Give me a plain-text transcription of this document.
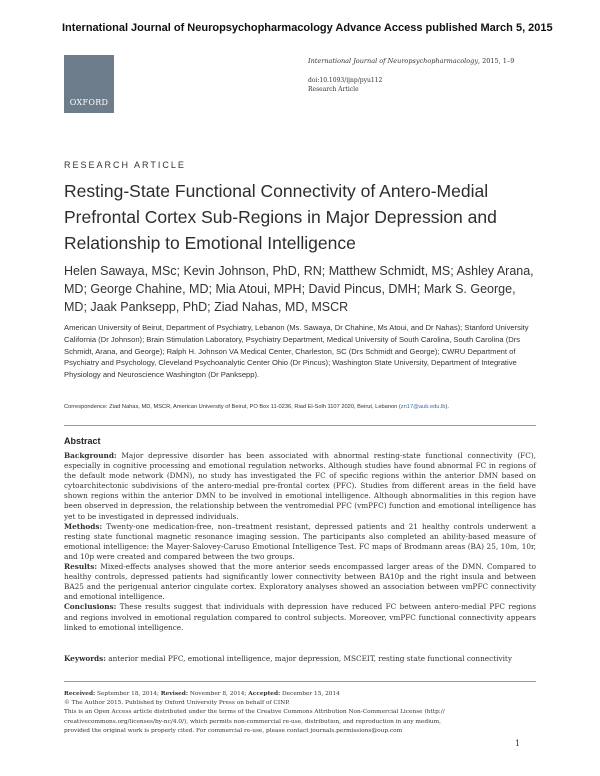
International Journal of Neuropsychopharmacology Advance Access published March 5, 2015
OXFORD
International Journal of Neuropsychopharmacology, 2015, 1–9
doi:10.1093/ijnp/pyu112
Research Article
RESEARCH ARTICLE
Resting-State Functional Connectivity of Antero-Medial Prefrontal Cortex Sub-Regions in Major Depression and Relationship to Emotional Intelligence
Helen Sawaya, MSc; Kevin Johnson, PhD, RN; Matthew Schmidt, MS; Ashley Arana, MD; George Chahine, MD; Mia Atoui, MPH; David Pincus, DMH; Mark S. George, MD; Jaak Panksepp, PhD; Ziad Nahas, MD, MSCR
American University of Beirut, Department of Psychiatry, Lebanon (Ms. Sawaya, Dr Chahine, Ms Atoui, and Dr Nahas); Stanford University California (Dr Johnson); Brain Stimulation Laboratory, Psychiatry Department, Medical University of South Carolina, South Carolina (Drs Schmidt, Arana, and George); Ralph H. Johnson VA Medical Center, Charleston, SC (Drs Schmidt and George); CWRU Department of Psychiatry and Psychology, Cleveland Psychoanalytic Center Ohio (Dr Pincus); Washington State University, Department of Integrative Physiology and Neuroscience Washington (Dr Panksepp).
Correspondence: Ziad Nahas, MD, MSCR, American University of Beirut, PO Box 11-0236, Riad El-Solh 1107 2020, Beirut, Lebanon (zn17@aub.edu.lb).
Abstract

Background: Major depressive disorder has been associated with abnormal resting-state functional connectivity (FC), especially in cognitive processing and emotional regulation networks. Although studies have found abnormal FC in regions of the default mode network (DMN), no study has investigated the FC of specific regions within the anterior DMN based on cytoarchitectonic subdivisions of the antero-medial pre-frontal cortex (PFC). Studies from different areas in the field have shown regions within the anterior DMN to be involved in emotional intelligence. Although abnormalities in this region have been observed in depression, the relationship between the ventromedial PFC (vmPFC) function and emotional intelligence has yet to be investigated in depressed individuals.

Methods: Twenty-one medication-free, non–treatment resistant, depressed patients and 21 healthy controls underwent a resting state functional magnetic resonance imaging session. The participants also completed an ability-based measure of emotional intelligence: the Mayer-Salovey-Caruso Emotional Intelligence Test. FC maps of Brodmann areas (BA) 25, 10m, 10r, and 10p were created and compared between the two groups.

Results: Mixed-effects analyses showed that the more anterior seeds encompassed larger areas of the DMN. Compared to healthy controls, depressed patients had significantly lower connectivity between BA10p and the right insula and between BA25 and the perigenual anterior cingulate cortex. Exploratory analyses showed an association between vmPFC connectivity and emotional intelligence.

Conclusions: These results suggest that individuals with depression have reduced FC between antero-medial PFC regions and regions involved in emotional regulation compared to control subjects. Moreover, vmPFC functional connectivity appears linked to emotional intelligence.

Keywords: anterior medial PFC, emotional intelligence, major depression, MSCEIT, resting state functional connectivity

Received: September 18, 2014; Revised: November 8, 2014; Accepted: December 15, 2014

© The Author 2015. Published by Oxford University Press on behalf of CINP.

This is an Open Access article distributed under the terms of the Creative Commons Attribution Non-Commercial License (http://

creativecommons.org/licenses/by-nc/4.0/), which permits non-commercial re-use, distribution, and reproduction in any medium,

provided the original work is properly cited. For commercial re-use, please contact journals.permissions@oup.com

1
